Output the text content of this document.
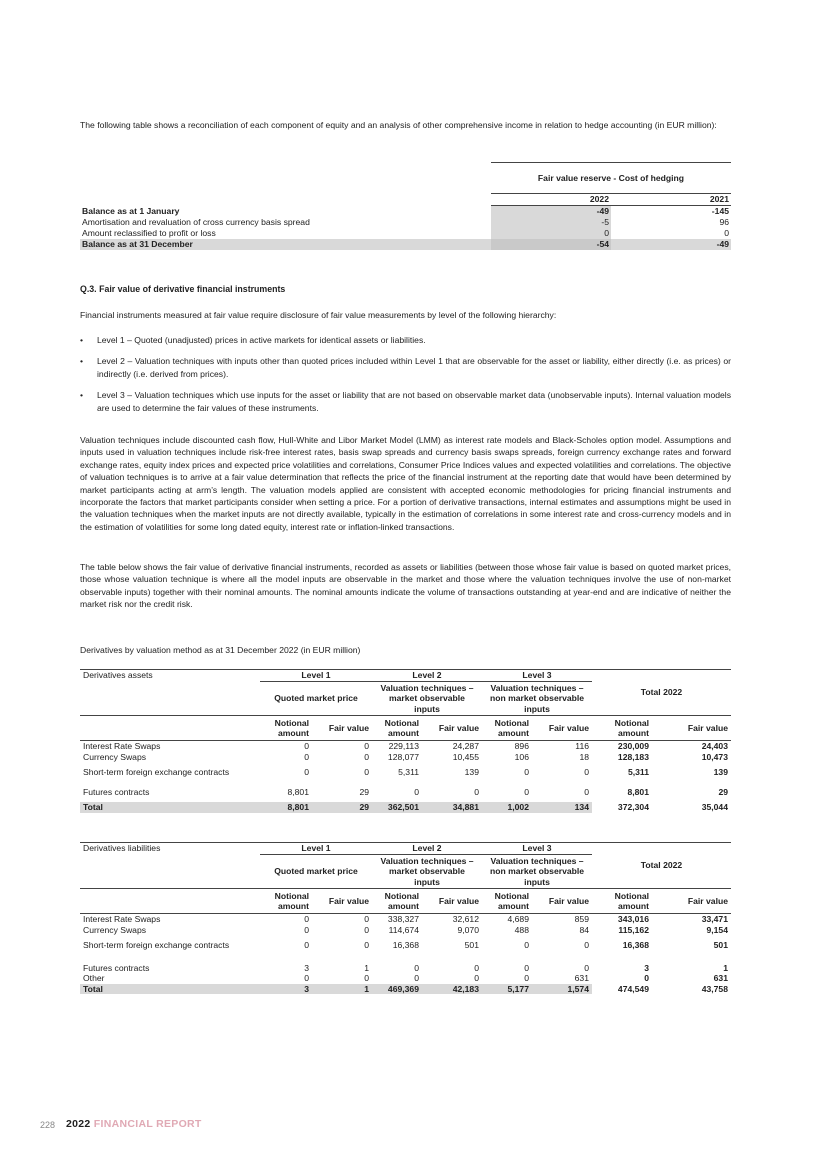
The following table shows a reconciliation of each component of equity and an analysis of other comprehensive income in relation to hedge accounting (in EUR million):

	Fair value reserve - Cost of hedging	
	2022	2021
Balance as at 1 January	-49	-145
Amortisation and revaluation of cross currency basis spread	-5	96
Amount reclassified to profit or loss	0	0
Balance as at 31 December	-54	-49
Q.3. Fair value of derivative financial instruments

Financial instruments measured at fair value require disclosure of fair value measurements by level of the following hierarchy:

• Level 1 – Quoted (unadjusted) prices in active markets for identical assets or liabilities.
• Level 2 – Valuation techniques with inputs other than quoted prices included within Level 1 that are observable for the asset or liability, either directly (i.e. as prices) or indirectly (i.e. derived from prices).
• Level 3 – Valuation techniques which use inputs for the asset or liability that are not based on observable market data (unobservable inputs). Internal valuation models are used to determine the fair values of these instruments.

Valuation techniques include discounted cash flow, Hull-White and Libor Market Model (LMM) as interest rate models and Black-Scholes option model. Assumptions and inputs used in valuation techniques include risk-free interest rates, basis swap spreads and currency basis swaps spreads, foreign currency exchange rates and forward exchange rates, equity index prices and expected price volatilities and correlations, Consumer Price Indices values and expected volatilities and correlations. The objective of valuation techniques is to arrive at a fair value determination that reflects the price of the financial instrument at the reporting date that would have been determined by market participants acting at arm’s length. The valuation models applied are consistent with accepted economic methodologies for pricing financial instruments and incorporate the factors that market participants consider when setting a price. For a portion of derivative transactions, internal estimates and assumptions might be used in the valuation techniques when the market inputs are not directly available, typically in the estimation of correlations in some interest rate and cross-currency models and in the estimation of volatilities for some long dated equity, interest rate or inflation-linked transactions.

The table below shows the fair value of derivative financial instruments, recorded as assets or liabilities (between those whose fair value is based on quoted market prices, those whose valuation technique is where all the model inputs are observable in the market and those where the valuation techniques involve the use of non-market observable inputs) together with their nominal amounts. The nominal amounts indicate the volume of transactions outstanding at year-end and are indicative of neither the market risk nor the credit risk.

Derivatives by valuation method as at 31 December 2022 (in EUR million)
Derivatives assets	Level 1		Level 2		Level 3		Total 2022	
	Quoted market price		Valuation techniques – market observable inputs		Valuation techniques – non market observable inputs			
	Notional amount	Fair value	Notional amount	Fair value	Notional amount	Fair value	Notional amount	Fair value
Interest Rate Swaps	0	0	229,113	24,287	896	116	230,009	24,403
Currency Swaps	0	0	128,077	10,455	106	18	128,183	10,473
Short-term foreign exchange contracts	0	0	5,311	139	0	0	5,311	139
Futures contracts	8,801	29	0	0	0	0	8,801	29
Total	8,801	29	362,501	34,881	1,002	134	372,304	35,044
Derivatives liabilities	Level 1		Level 2		Level 3		Total 2022	
	Quoted market price		Valuation techniques – market observable inputs		Valuation techniques – non market observable inputs			
	Notional amount	Fair value	Notional amount	Fair value	Notional amount	Fair value	Notional amount	Fair value
Interest Rate Swaps	0	0	338,327	32,612	4,689	859	343,016	33,471
Currency Swaps	0	0	114,674	9,070	488	84	115,162	9,154
Short-term foreign exchange contracts	0	0	16,368	501	0	0	16,368	501
Futures contracts	3	1	0	0	0	0	3	1
Other	0	0	0	0	0	631	0	631
Total	3	1	469,369	42,183	5,177	1,574	474,549	43,758
228 2022 FINANCIAL REPORT
